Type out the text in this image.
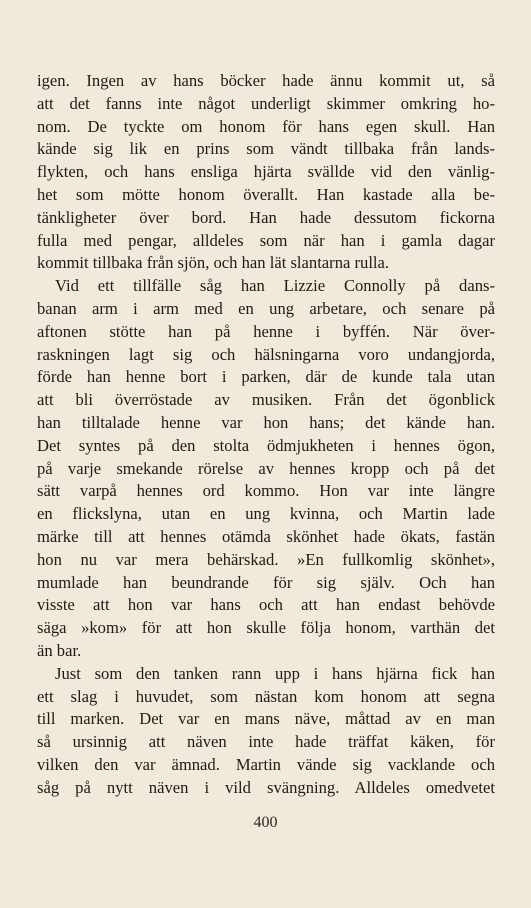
igen. Ingen av hans böcker hade ännu kommit ut, så

att det fanns inte något underligt skimmer omkring ho-

nom. De tyckte om honom för hans egen skull. Han

kände sig lik en prins som vändt tillbaka från lands-

flykten, och hans ensliga hjärta svällde vid den vänlig-

het som mötte honom överallt. Han kastade alla be-

tänkligheter över bord. Han hade dessutom fickorna

fulla med pengar, alldeles som när han i gamla dagar

kommit tillbaka från sjön, och han lät slantarna rulla.

Vid ett tillfälle såg han Lizzie Connolly på dans-

banan arm i arm med en ung arbetare, och senare på

aftonen stötte han på henne i byffén. När över-

raskningen lagt sig och hälsningarna voro undangjorda,

förde han henne bort i parken, där de kunde tala utan

att bli överröstade av musiken. Från det ögonblick

han tilltalade henne var hon hans; det kände han.

Det syntes på den stolta ödmjukheten i hennes ögon,

på varje smekande rörelse av hennes kropp och på det

sätt varpå hennes ord kommo. Hon var inte längre

en flickslyna, utan en ung kvinna, och Martin lade

märke till att hennes otämda skönhet hade ökats, fastän

hon nu var mera behärskad. »En fullkomlig skönhet»,

mumlade han beundrande för sig själv. Och han

visste att hon var hans och att han endast behövde

säga »kom» för att hon skulle följa honom, varthän det

än bar.

Just som den tanken rann upp i hans hjärna fick han

ett slag i huvudet, som nästan kom honom att segna

till marken. Det var en mans näve, måttad av en man

så ursinnig att näven inte hade träffat käken, för

vilken den var ämnad. Martin vände sig vacklande och

såg på nytt näven i vild svängning. Alldeles omedvetet

400
